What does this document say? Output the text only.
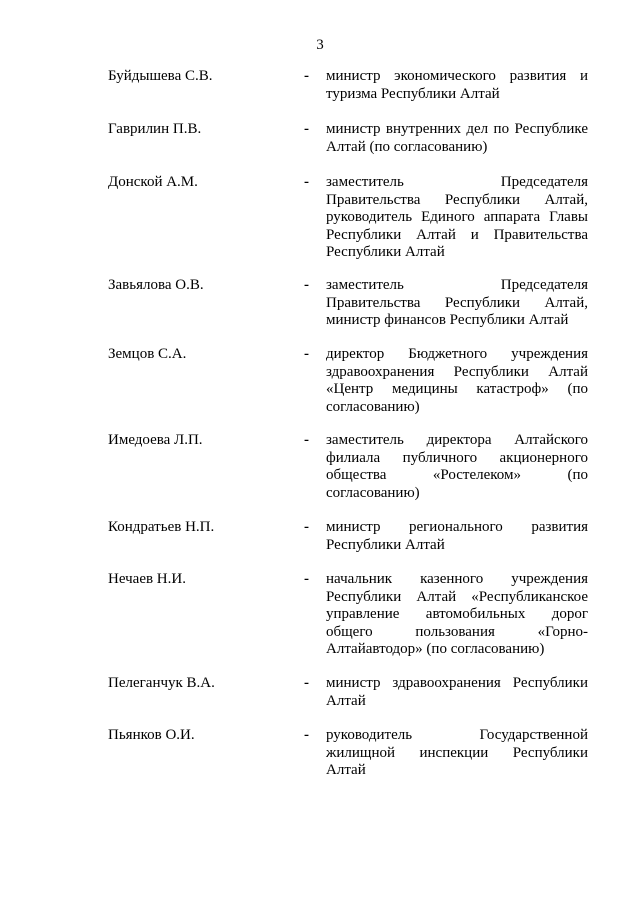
3
Буйдышева С.В.	- министр экономического развития и туризма Республики Алтай
Гаврилин П.В.	- министр внутренних дел по Республике Алтай (по согласованию)
Донской А.М.	- заместитель Председателя Правительства Республики Алтай, руководитель Единого аппарата Главы Республики Алтай и Правительства Республики Алтай
Завьялова О.В.	- заместитель Председателя Правительства Республики Алтай, министр финансов Республики Алтай
Земцов С.А.	- директор Бюджетного учреждения здравоохранения Республики Алтай «Центр медицины катастроф» (по согласованию)
Имедоева Л.П.	- заместитель директора Алтайского филиала публичного акционерного общества «Ростелеком» (по согласованию)
Кондратьев Н.П.	- министр регионального развития Республики Алтай
Нечаев Н.И.	- начальник казенного учреждения Республики Алтай «Республиканское управление автомобильных дорог общего пользования «Горно-Алтайавтодор» (по согласованию)
Пелеганчук В.А.	- министр здравоохранения Республики Алтай
Пьянков О.И.	- руководитель Государственной жилищной инспекции Республики Алтай
